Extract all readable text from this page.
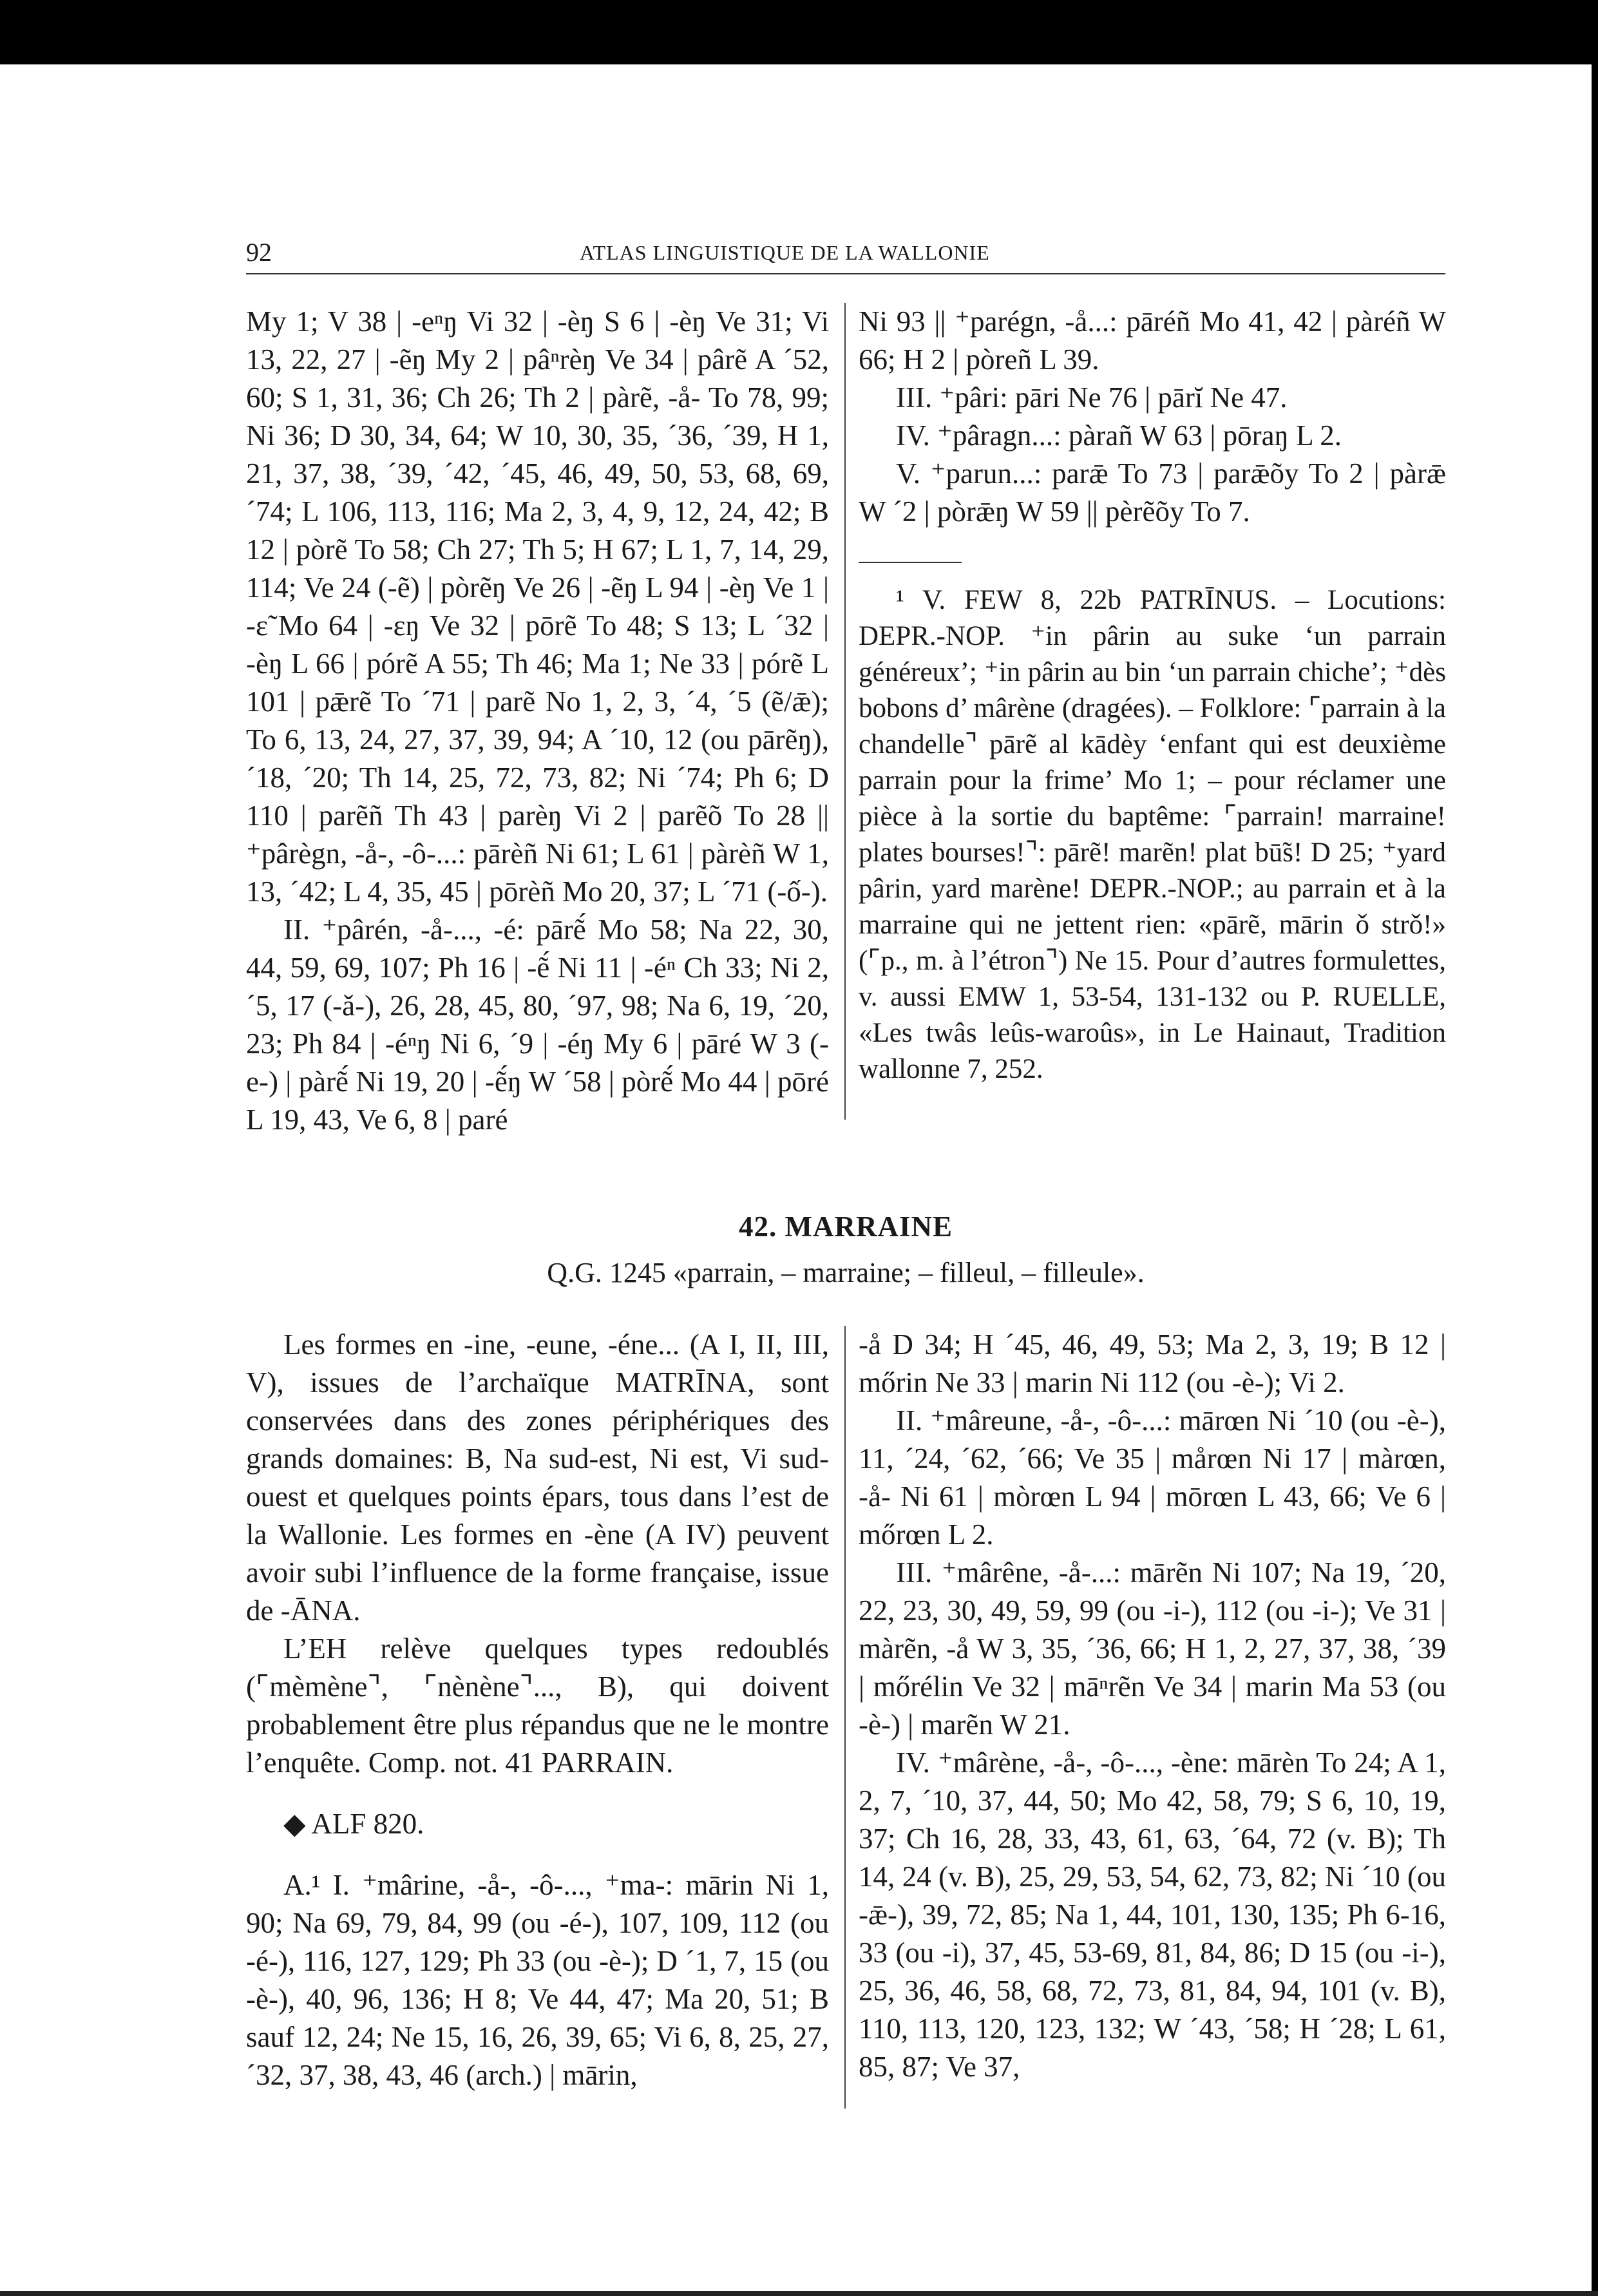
92	ATLAS LINGUISTIQUE DE LA WALLONIE

My 1; V 38 | -eⁿŋ Vi 32 | -èŋ S 6 | -èŋ Ve 31; Vi 13, 22, 27 | -ẽŋ My 2 | pâⁿrèŋ Ve 34 | pârẽ A ´52, 60; S 1, 31, 36; Ch 26; Th 2 | pàrẽ, -å- To 78, 99; Ni 36; D 30, 34, 64; W 10, 30, 35, ´36, ´39, H 1, 21, 37, 38, ´39, ´42, ´45, 46, 49, 50, 53, 68, 69, ´74; L 106, 113, 116; Ma 2, 3, 4, 9, 12, 24, 42; B 12 | pòrẽ To 58; Ch 27; Th 5; H 67; L 1, 7, 14, 29, 114; Ve 24 (-ẽ) | pòrẽŋ Ve 26 | -ẽŋ L 94 | -èŋ Ve 1 | -ɛ̃ Mo 64 | -ɛŋ Ve 32 | pōrẽ To 48; S 13; L ´32 | -èŋ L 66 | pórẽ A 55; Th 46; Ma 1; Ne 33 | pórẽ L 101 | pǣrẽ To ´71 | parẽ No 1, 2, 3, ´4, ´5 (ẽ/ǣ); To 6, 13, 24, 27, 37, 39, 94; A ´10, 12 (ou pārẽŋ), ´18, ´20; Th 14, 25, 72, 73, 82; Ni ´74; Ph 6; D 110 | parẽñ Th 43 | parèŋ Vi 2 | parẽõ To 28 || ⁺pârègn, -å-, -ô-...: pārèñ Ni 61; L 61 | pàrèñ W 1, 13, ´42; L 4, 35, 45 | pōrèñ Mo 20, 37; L ´71 (-ố-).

II. ⁺pârén, -å-..., -é: pārẽ́ Mo 58; Na 22, 30, 44, 59, 69, 107; Ph 16 | -ẽ́ Ni 11 | -éⁿ Ch 33; Ni 2, ´5, 17 (-ǎ-), 26, 28, 45, 80, ´97, 98; Na 6, 19, ´20, 23; Ph 84 | -éⁿŋ Ni 6, ´9 | -éŋ My 6 | pāré W 3 (-e-) | pàrẽ́ Ni 19, 20 | -ẽ́ŋ W ´58 | pòrẽ́ Mo 44 | pōré L 19, 43, Ve 6, 8 | paré

Ni 93 || ⁺parégn, -å...: pāréñ Mo 41, 42 | pàréñ W 66; H 2 | pòreñ L 39.

III. ⁺pâri: pāri Ne 76 | pārĭ Ne 47.

IV. ⁺pâragn...: pàrañ W 63 | pōraŋ L 2.

V. ⁺parun...: parǣ To 73 | parǣõy To 2 | pàrǣ W ´2 | pòrǣŋ W 59 || pèrẽõy To 7.

¹ V. FEW 8, 22b PATRĪNUS. – Locutions: DEPR.-NOP. ⁺in pârin au suke ‘un parrain généreux’; ⁺in pârin au bin ‘un parrain chiche’; ⁺dès bobons d’ mârène (dragées). – Folklore: ⌜parrain à la chandelle⌝ pārẽ al kādèy ‘enfant qui est deuxième parrain pour la frime’ Mo 1; – pour réclamer une pièce à la sortie du baptême: ⌜parrain! marraine! plates bourses!⌝: pārẽ! marẽn! plat bū̃s! D 25; ⁺yard pârin, yard marène! DEPR.-NOP.; au parrain et à la marraine qui ne jettent rien: «pārẽ, mārin ǒ strǒ!» (⌜p., m. à l’étron⌝) Ne 15. Pour d’autres formulettes, v. aussi EMW 1, 53-54, 131-132 ou P. RUELLE, «Les twâs leûs-waroûs», in Le Hainaut, Tradition wallonne 7, 252.

42. MARRAINE
Q.G. 1245 «parrain, – marraine; – filleul, – filleule».

Les formes en -ine, -eune, -éne... (A I, II, III, V), issues de l’archaïque MATRĪNA, sont conservées dans des zones périphériques des grands domaines: B, Na sud-est, Ni est, Vi sud-ouest et quelques points épars, tous dans l’est de la Wallonie. Les formes en -ène (A IV) peuvent avoir subi l’influence de la forme française, issue de -ĀNA.

L’EH relève quelques types redoublés (⌜mèmène⌝, ⌜nènène⌝..., B), qui doivent probablement être plus répandus que ne le montre l’enquête. Comp. not. 41 PARRAIN.

◆ ALF 820.

A.¹ I. ⁺mârine, -å-, -ô-..., ⁺ma-: mārin Ni 1, 90; Na 69, 79, 84, 99 (ou -é-), 107, 109, 112 (ou -é-), 116, 127, 129; Ph 33 (ou -è-); D ´1, 7, 15 (ou -è-), 40, 96, 136; H 8; Ve 44, 47; Ma 20, 51; B sauf 12, 24; Ne 15, 16, 26, 39, 65; Vi 6, 8, 25, 27, ´32, 37, 38, 43, 46 (arch.) | mārin,

-å D 34; H ´45, 46, 49, 53; Ma 2, 3, 19; B 12 | mőrin Ne 33 | marin Ni 112 (ou -è-); Vi 2.

II. ⁺mâreune, -å-, -ô-...: mārœn Ni ´10 (ou -è-), 11, ´24, ´62, ´66; Ve 35 | mårœn Ni 17 | màrœn, -å- Ni 61 | mòrœn L 94 | mōrœn L 43, 66; Ve 6 | mőrœn L 2.

III. ⁺mârêne, -å-...: mārẽn Ni 107; Na 19, ´20, 22, 23, 30, 49, 59, 99 (ou -i-), 112 (ou -i-); Ve 31 | màrẽn, -å W 3, 35, ´36, 66; H 1, 2, 27, 37, 38, ´39 | mőrélin Ve 32 | māⁿrẽn Ve 34 | marin Ma 53 (ou -è-) | marẽn W 21.

IV. ⁺mârène, -å-, -ô-..., -ène: mārèn To 24; A 1, 2, 7, ´10, 37, 44, 50; Mo 42, 58, 79; S 6, 10, 19, 37; Ch 16, 28, 33, 43, 61, 63, ´64, 72 (v. B); Th 14, 24 (v. B), 25, 29, 53, 54, 62, 73, 82; Ni ´10 (ou -ǣ-), 39, 72, 85; Na 1, 44, 101, 130, 135; Ph 6-16, 33 (ou -i), 37, 45, 53-69, 81, 84, 86; D 15 (ou -i-), 25, 36, 46, 58, 68, 72, 73, 81, 84, 94, 101 (v. B), 110, 113, 120, 123, 132; W ´43, ´58; H ´28; L 61, 85, 87; Ve 37,
